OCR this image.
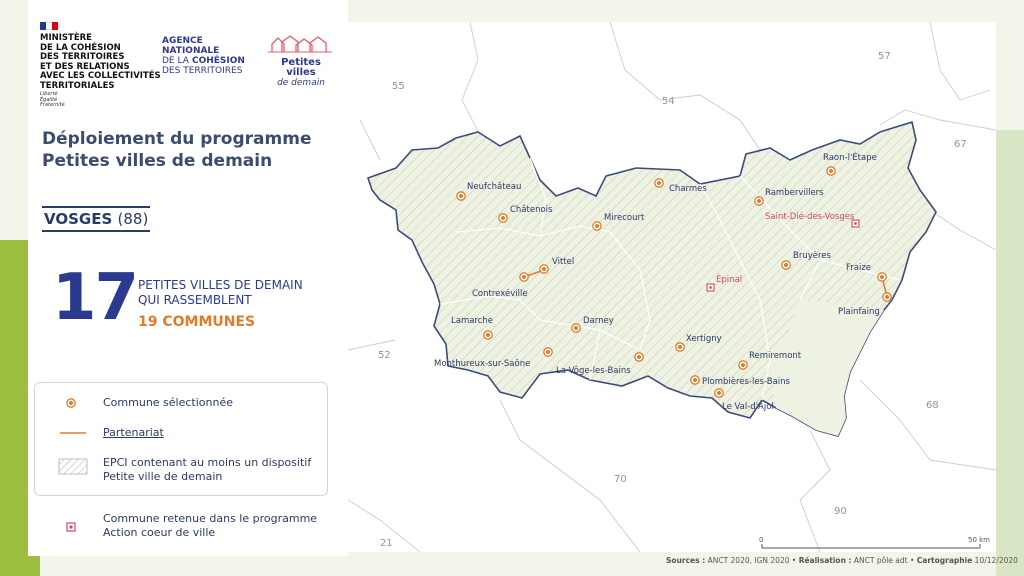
MINISTÈRE
DE LA COHÉSION
DES TERRITOIRES
ET DES RELATIONS
AVEC LES COLLECTIVITÉS
TERRITORIALES
Liberté
Égalité
Fraternité
AGENCE
NATIONALE
DE LA COHÉSION
DES TERRITOIRES
Petites villes
de demain
Déploiement du programme Petites villes de demain
VOSGES (88)
17 PETITES VILLES DE DEMAIN
QUI RASSEMBLENT
19 COMMUNES
Commune sélectionnée
Partenariat
EPCI contenant au moins un dispositif Petite ville de demain
Commune retenue dans le programme Action coeur de ville
55
54
57
67
52
68
70
90
21
Raon-l'Étape
Neufchâteau	Charmes	Rambervillers
Châtenois
Mirecourt
Vittel
Contrexéville
Bruyères
Fraize
Plainfaing
Lamarche	Darney
Monthureux-sur-Saône
La Vôge-les-Bains
Xertigny
Remiremont
Plombières-les-Bains
Le Val-d'Ajol
Saint-Dié-des-Vosges
Épinal
0	50 km
Sources : ANCT 2020, IGN 2020 • Réalisation : ANCT pôle adt • Cartographie 10/12/2020
